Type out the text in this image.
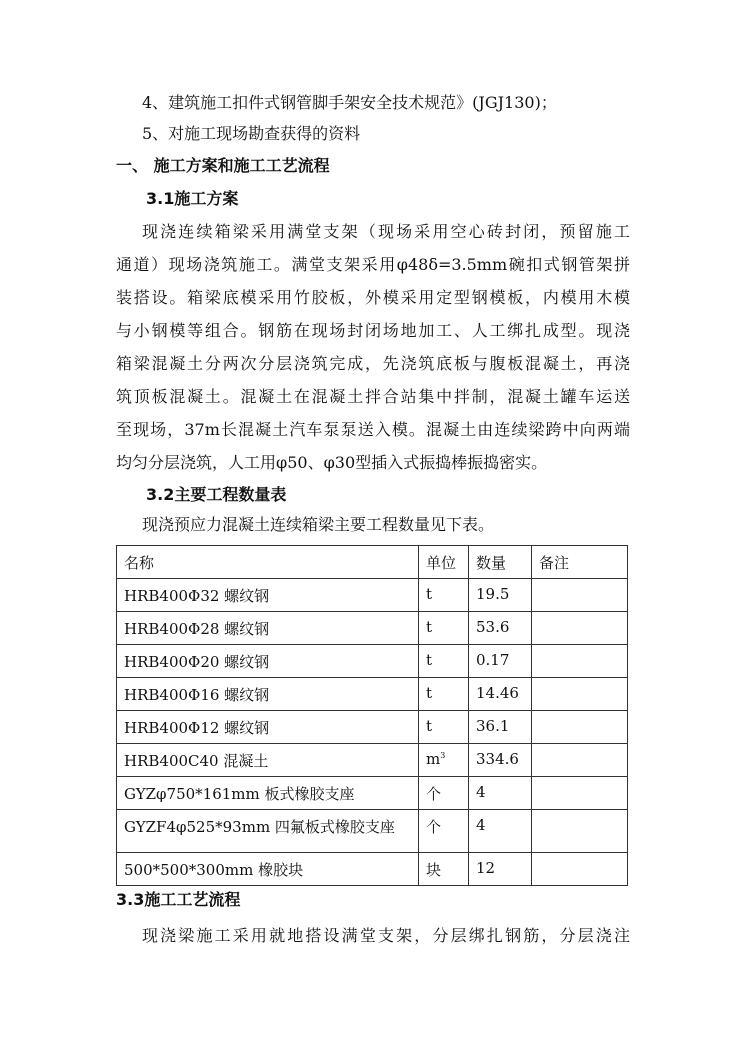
4、建筑施工扣件式钢管脚手架安全技术规范》(JGJ130)；
5、对施工现场勘查获得的资料
一、 施工方案和施工工艺流程
3.1施工方案
现浇连续箱梁采用满堂支架（现场采用空心砖封闭，预留施工
通道）现场浇筑施工。满堂支架采用φ48δ=3.5mm碗扣式钢管架拼
装搭设。箱梁底模采用竹胶板，外模采用定型钢模板，内模用木模
与小钢模等组合。钢筋在现场封闭场地加工、人工绑扎成型。现浇
箱梁混凝土分两次分层浇筑完成，先浇筑底板与腹板混凝土，再浇
筑顶板混凝土。混凝土在混凝土拌合站集中拌制，混凝土罐车运送
至现场，37m长混凝土汽车泵泵送入模。混凝土由连续梁跨中向两端
均匀分层浇筑，人工用φ50、φ30型插入式振捣棒振捣密实。
3.2主要工程数量表
现浇预应力混凝土连续箱梁主要工程数量见下表。
名称	单位	数量	备注
HRB400Φ32 螺纹钢	t	19.5	
HRB400Φ28 螺纹钢	t	53.6	
HRB400Φ20 螺纹钢	t	0.17	
HRB400Φ16 螺纹钢	t	14.46	
HRB400Φ12 螺纹钢	t	36.1	
HRB400C40 混凝土	$m^3$	334.6	
GYZφ750*161mm 板式橡胶支座	个	4	
GYZF4φ525*93mm 四氟板式橡胶支座	个	4	
500*500*300mm 橡胶块	块	12	
3.3施工工艺流程
现浇梁施工采用就地搭设满堂支架，分层绑扎钢筋，分层浇注
